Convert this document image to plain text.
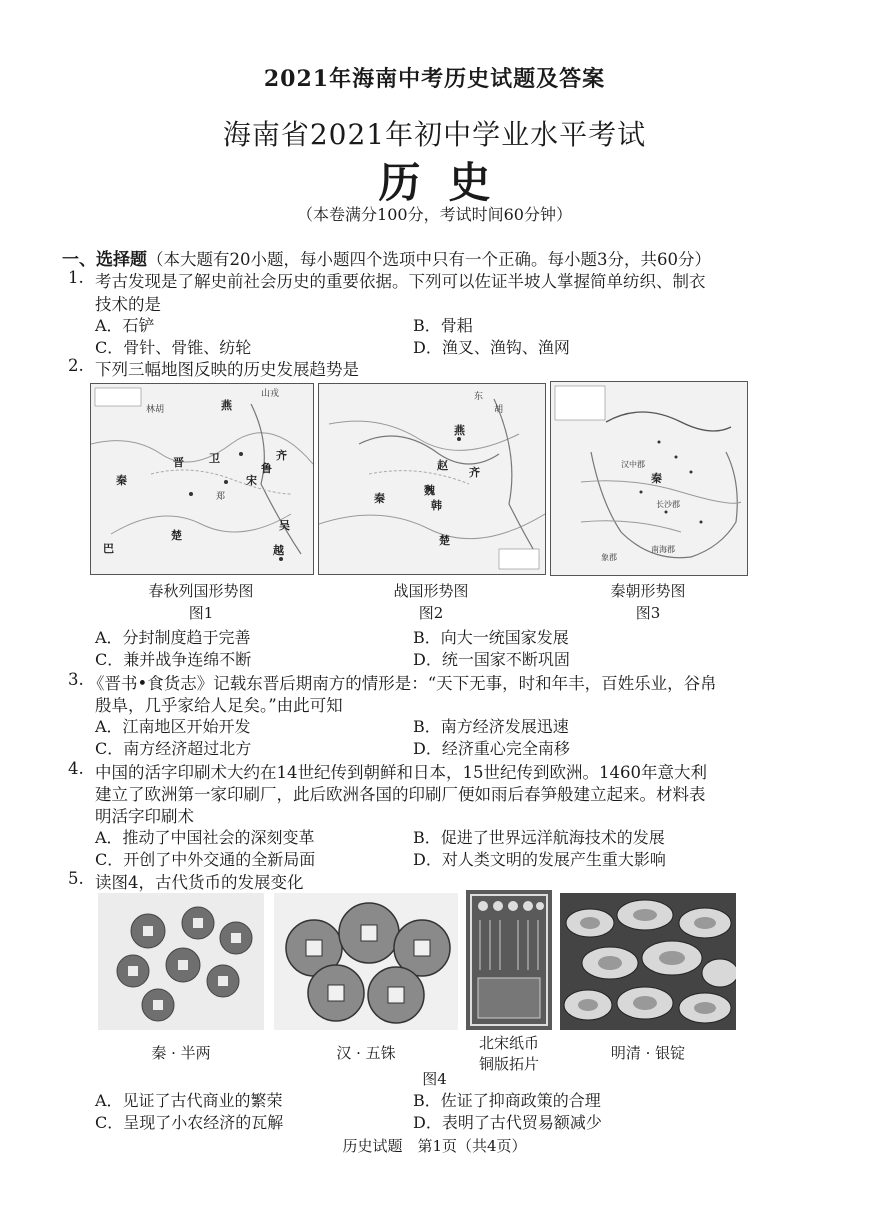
2021年海南中考历史试题及答案
海南省2021年初中学业水平考试
历史
（本卷满分100分，考试时间60分钟）
一、选择题（本大题有20小题，每小题四个选项中只有一个正确。每小题3分，共60分）
1. 考古发现是了解史前社会历史的重要依据。下列可以佐证半坡人掌握简单纺织、制衣
技术的是
A．石铲	B．骨耜
C．骨针、骨锥、纺轮	D．渔叉、渔钩、渔网
2. 下列三幅地图反映的历史发展趋势是
山戎
林胡	燕
齐
鲁
晋 卫
宋
秦
楚
吴
越
巴
郑
春秋列国形势图
图1
东
胡
燕
赵
齐
魏
韩
秦
楚
战国形势图
图2
秦
汉中郡
长沙郡
南海郡
象郡
秦朝形势图
图3
A．分封制度趋于完善	B．向大一统国家发展
C．兼并战争连绵不断	D．统一国家不断巩固
3. 《晋书•食货志》记载东晋后期南方的情形是：“天下无事，时和年丰，百姓乐业，谷帛
殷阜，几乎家给人足矣。”由此可知
A．江南地区开始开发	B．南方经济发展迅速
C．南方经济超过北方	D．经济重心完全南移
4. 中国的活字印刷术大约在14世纪传到朝鲜和日本，15世纪传到欧洲。1460年意大利
建立了欧洲第一家印刷厂，此后欧洲各国的印刷厂便如雨后春笋般建立起来。材料表
明活字印刷术
A．推动了中国社会的深刻变革	B．促进了世界远洋航海技术的发展
C．开创了中外交通的全新局面	D．对人类文明的发展产生重大影响
5. 读图4，古代货币的发展变化
秦 · 半两	汉 · 五铢
北宋纸币
铜版拓片
明清 · 银锭
图4
A．见证了古代商业的繁荣	B．佐证了抑商政策的合理
C．呈现了小农经济的瓦解	D．表明了古代贸易额减少
历史试题　第1页（共4页）
